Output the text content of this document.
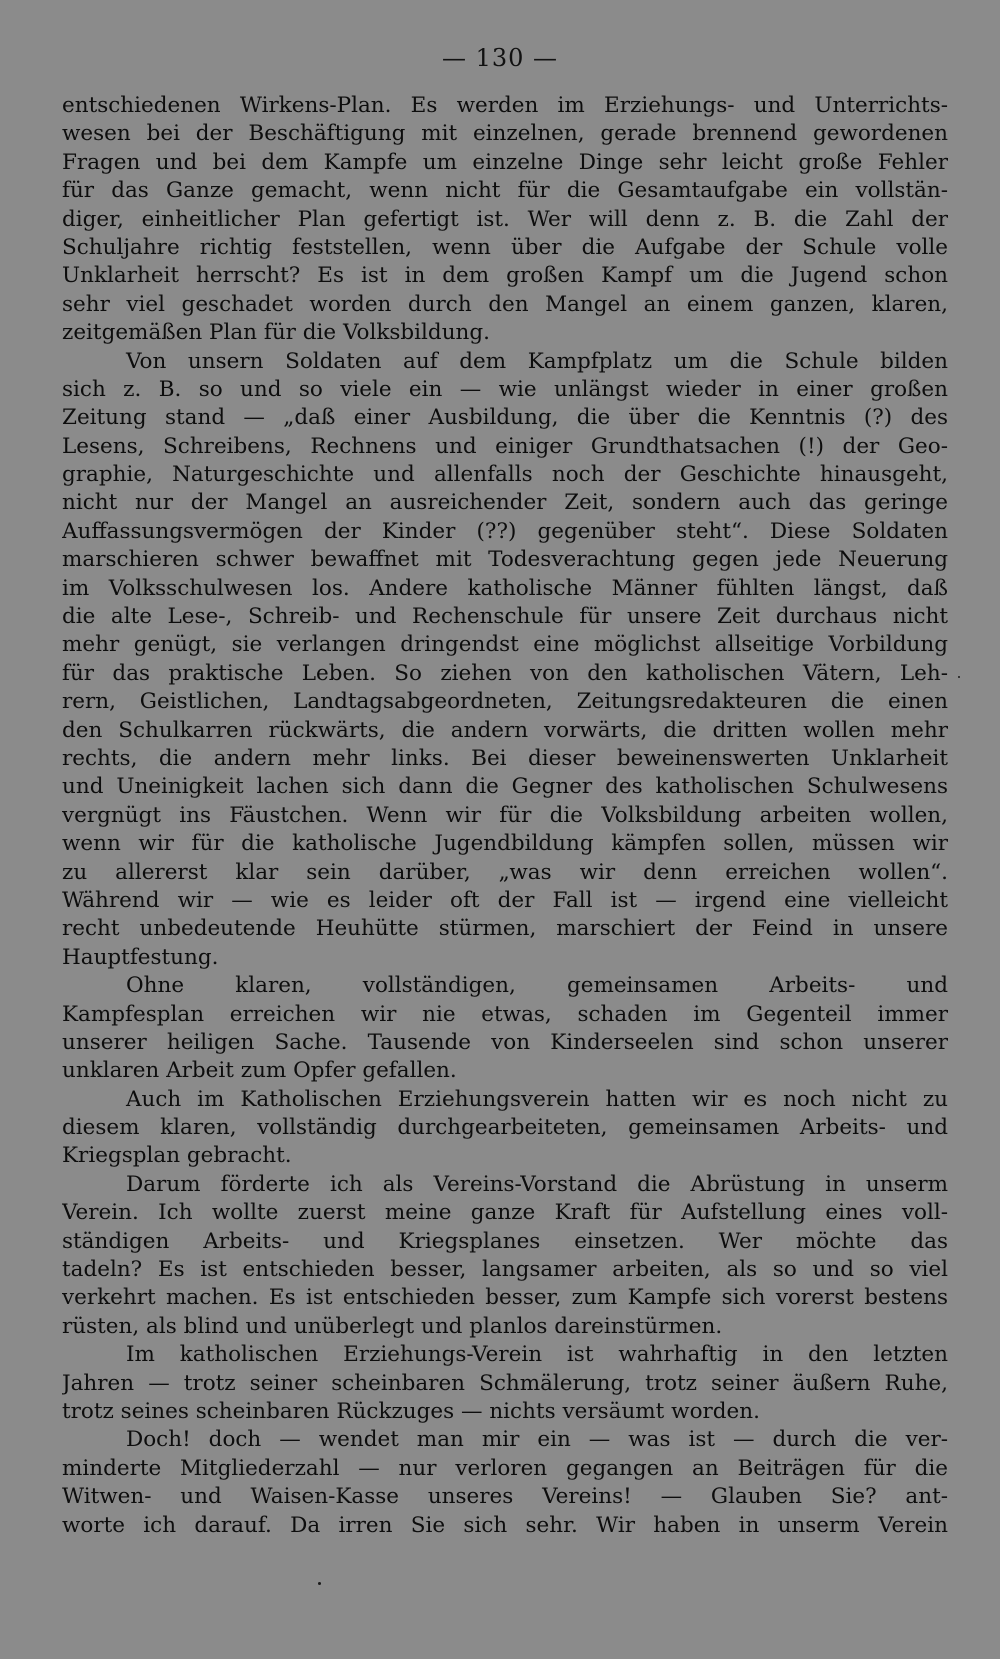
— 130 —
entschiedenen Wirkens-Plan. Es werden im Erziehungs- und Unterrichts-
wesen bei der Beschäftigung mit einzelnen, gerade brennend gewordenen
Fragen und bei dem Kampfe um einzelne Dinge sehr leicht große Fehler
für das Ganze gemacht, wenn nicht für die Gesamtaufgabe ein vollstän-
diger, einheitlicher Plan gefertigt ist. Wer will denn z. B. die Zahl der
Schuljahre richtig feststellen, wenn über die Aufgabe der Schule volle
Unklarheit herrscht? Es ist in dem großen Kampf um die Jugend schon
sehr viel geschadet worden durch den Mangel an einem ganzen, klaren,
zeitgemäßen Plan für die Volksbildung.
Von unsern Soldaten auf dem Kampfplatz um die Schule bilden
sich z. B. so und so viele ein — wie unlängst wieder in einer großen
Zeitung stand — „daß einer Ausbildung, die über die Kenntnis (?) des
Lesens, Schreibens, Rechnens und einiger Grundthatsachen (!) der Geo-
graphie, Naturgeschichte und allenfalls noch der Geschichte hinausgeht,
nicht nur der Mangel an ausreichender Zeit, sondern auch das geringe
Auffassungsvermögen der Kinder (??) gegenüber steht“. Diese Soldaten
marschieren schwer bewaffnet mit Todesverachtung gegen jede Neuerung
im Volksschulwesen los. Andere katholische Männer fühlten längst, daß
die alte Lese-, Schreib- und Rechenschule für unsere Zeit durchaus nicht
mehr genügt, sie verlangen dringendst eine möglichst allseitige Vorbildung
für das praktische Leben. So ziehen von den katholischen Vätern, Leh-
rern, Geistlichen, Landtagsabgeordneten, Zeitungsredakteuren die einen
den Schulkarren rückwärts, die andern vorwärts, die dritten wollen mehr
rechts, die andern mehr links. Bei dieser beweinenswerten Unklarheit
und Uneinigkeit lachen sich dann die Gegner des katholischen Schulwesens
vergnügt ins Fäustchen. Wenn wir für die Volksbildung arbeiten wollen,
wenn wir für die katholische Jugendbildung kämpfen sollen, müssen wir
zu allererst klar sein darüber, „was wir denn erreichen wollen“.
Während wir — wie es leider oft der Fall ist — irgend eine vielleicht
recht unbedeutende Heuhütte stürmen, marschiert der Feind in unsere
Hauptfestung.
Ohne klaren, vollständigen, gemeinsamen Arbeits- und
Kampfesplan erreichen wir nie etwas, schaden im Gegenteil immer
unserer heiligen Sache. Tausende von Kinderseelen sind schon unserer
unklaren Arbeit zum Opfer gefallen.
Auch im Katholischen Erziehungsverein hatten wir es noch nicht zu
diesem klaren, vollständig durchgearbeiteten, gemeinsamen Arbeits- und
Kriegsplan gebracht.
Darum förderte ich als Vereins-Vorstand die Abrüstung in unserm
Verein. Ich wollte zuerst meine ganze Kraft für Aufstellung eines voll-
ständigen Arbeits- und Kriegsplanes einsetzen. Wer möchte das
tadeln? Es ist entschieden besser, langsamer arbeiten, als so und so viel
verkehrt machen. Es ist entschieden besser, zum Kampfe sich vorerst bestens
rüsten, als blind und unüberlegt und planlos dareinstürmen.
Im katholischen Erziehungs-Verein ist wahrhaftig in den letzten
Jahren — trotz seiner scheinbaren Schmälerung, trotz seiner äußern Ruhe,
trotz seines scheinbaren Rückzuges — nichts versäumt worden.
Doch! doch — wendet man mir ein — was ist — durch die ver-
minderte Mitgliederzahl — nur verloren gegangen an Beiträgen für die
Witwen- und Waisen-Kasse unseres Vereins! — Glauben Sie? ant-
worte ich darauf. Da irren Sie sich sehr. Wir haben in unserm Verein
